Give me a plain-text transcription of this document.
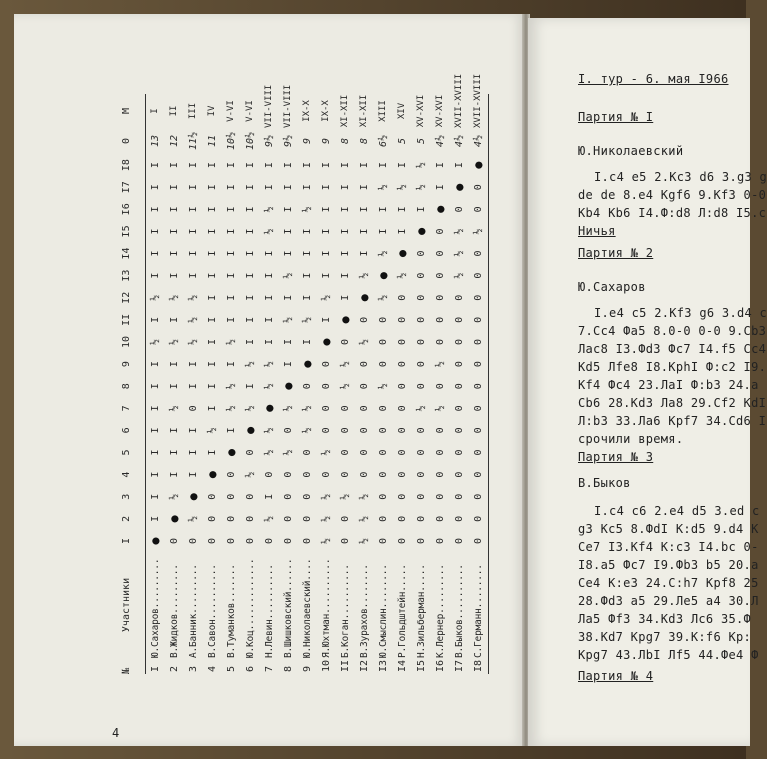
№	Участники	I	2	3	4	5	6	7	8	9	10	II	I2	I3	I4	I5	I6	I7	I8	0	М
I	Ю.Сахаров.........	●	I	I	I	I	I	I	I	I	½	I	½	I	I	I	I	I	I	13	I
2	В.Жидков.........	0	●	½	I	I	I	½	I	I	½	I	½	I	I	I	I	I	I	12	II
3	А.Банник.........	0	½	●	I	I	I	0	I	I	½	½	½	I	I	I	I	I	I	11½	III
4	В.Савон..........	0	0	0	●	I	½	I	I	I	I	I	I	I	I	I	I	I	I	11	IV
5	В.Туманков.......	0	0	0	0	●	I	½	½	I	½	I	I	I	I	I	I	I	I	10½	V-VI
6	Ю.Коц.............	0	0	0	½	0	●	½	I	½	I	I	I	I	I	I	I	I	I	10½	V-VI
7	Н.Левин..........	0	½	I	0	½	½	●	½	½	I	I	I	I	I	½	½	I	I	9½	VII-VIII
8	В.Шишковский......	0	0	0	0	½	0	½	●	I	I	½	I	½	I	I	I	I	I	9½	VII-VIII
9	Ю.Николаевский....	0	0	0	0	0	½	½	0	●	I	½	I	I	I	I	½	I	I	9	IX-X
10	Я.Юхтман..........	½	½	½	0	½	0	0	0	0	●	I	½	I	I	I	I	I	I	9	IX-X
II	Б.Коган..........	0	0	½	0	0	0	0	½	½	0	●	I	I	I	I	I	I	I	8	XI-XII
I2	В.Зурахов........	½	½	½	0	0	0	0	0	0	½	0	●	½	I	I	I	I	I	8	XI-XII
I3	Ю.Смыслин........	0	0	0	0	0	0	0	½	0	0	0	½	●	½	I	I	½	I	6½	XIII
I4	Р.Гольдштейн.....	0	0	0	0	0	0	0	0	0	0	0	0	½	●	I	I	½	I	5	XIV
I5	Н.Зильберман.....	0	0	0	0	0	0	½	0	0	0	0	0	0	0	●	I	½	½	5	XV-XVI
I6	К.Лернер.........	0	0	0	0	0	0	½	0	½	0	0	0	0	0	0	●	I	I	4½	XV-XVI
I7	В.Быков..........	0	0	0	0	0	0	0	0	0	0	0	0	½	½	½	0	●	I	4½	XVII-XVIII
I8	С.Германн........	0	0	0	0	0	0	0	0	0	0	0	0	0	0	½	0	0	●	4½	XVII-XVIII
4
I. тур - 6. мая I966
Партия № I
Ю.Николаевский
I.c4 e5 2.Кс3 d6 3.g3 g
de de 8.e4 Кgf6 9.Кf3 0-0
Кb4 Кb6 I4.Ф:d8 Л:d8 I5.c
Ничья
Партия № 2
Ю.Сахаров
I.e4 c5 2.Кf3 g6 3.d4 c
7.Cc4 Фa5 8.0-0 0-0 9.Cb3
Лас8 I3.Фd3 Фс7 I4.f5 Сс4
Кd5 Лfe8 I8.КрhI Ф:c2 I9.
Кf4 Фс4 23.ЛаI Ф:b3 24.a
Сb6 28.Кd3 Лa8 29.Cf2 КdI
Л:b3 33.Лa6 Кpf7 34.Cd6 I
срочили время.
Партия № 3
В.Быков
I.c4 c6 2.e4 d5 3.ed c
g3 Кc5 8.ФdI К:d5 9.d4 К
Се7 I3.Кf4 К:с3 I4.bc 0-
I8.a5 Фс7 I9.Фb3 b5 20.a
Се4 К:е3 24.C:h7 Кpf8 25
28.Фd3 a5 29.Лe5 a4 30.Л
Лa5 Фf3 34.Кd3 Лc6 35.Ф
38.Кd7 Кpg7 39.К:f6 Кр:
Кpg7 43.ЛbI Лf5 44.Фe4 Ф
Партия № 4
